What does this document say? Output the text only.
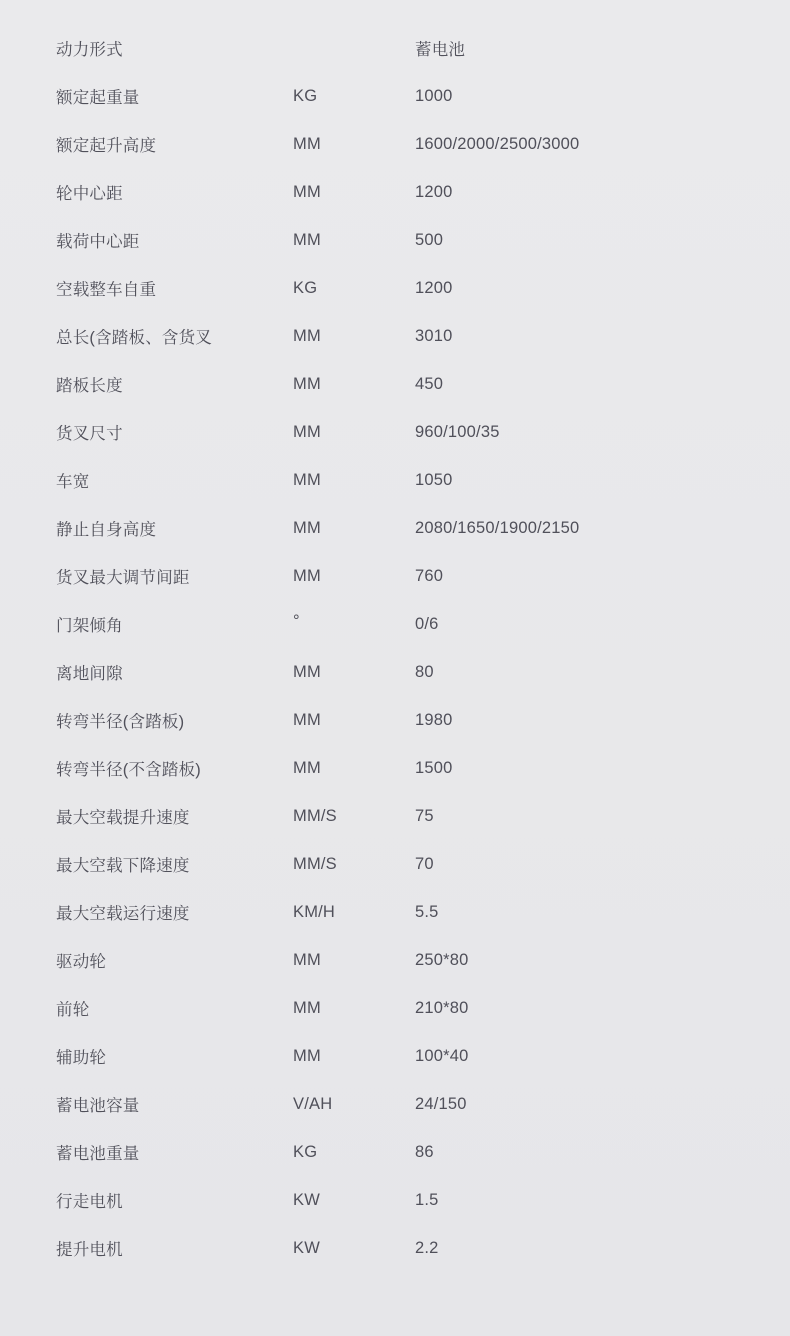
动力形式		蓄电池
额定起重量	KG	1000
额定起升高度	MM	1600/2000/2500/3000
轮中心距	MM	1200
载荷中心距	MM	500
空载整车自重	KG	1200
总长(含踏板、含货叉	MM	3010
踏板长度	MM	450
货叉尺寸	MM	960/100/35
车宽	MM	1050
静止自身高度	MM	2080/1650/1900/2150
货叉最大调节间距	MM	760
门架倾角	°	0/6
离地间隙	MM	80
转弯半径(含踏板)	MM	1980
转弯半径(不含踏板)	MM	1500
最大空载提升速度	MM/S	75
最大空载下降速度	MM/S	70
最大空载运行速度	KM/H	5.5
驱动轮	MM	250*80
前轮	MM	210*80
辅助轮	MM	100*40
蓄电池容量	V/AH	24/150
蓄电池重量	KG	86
行走电机	KW	1.5
提升电机	KW	2.2
